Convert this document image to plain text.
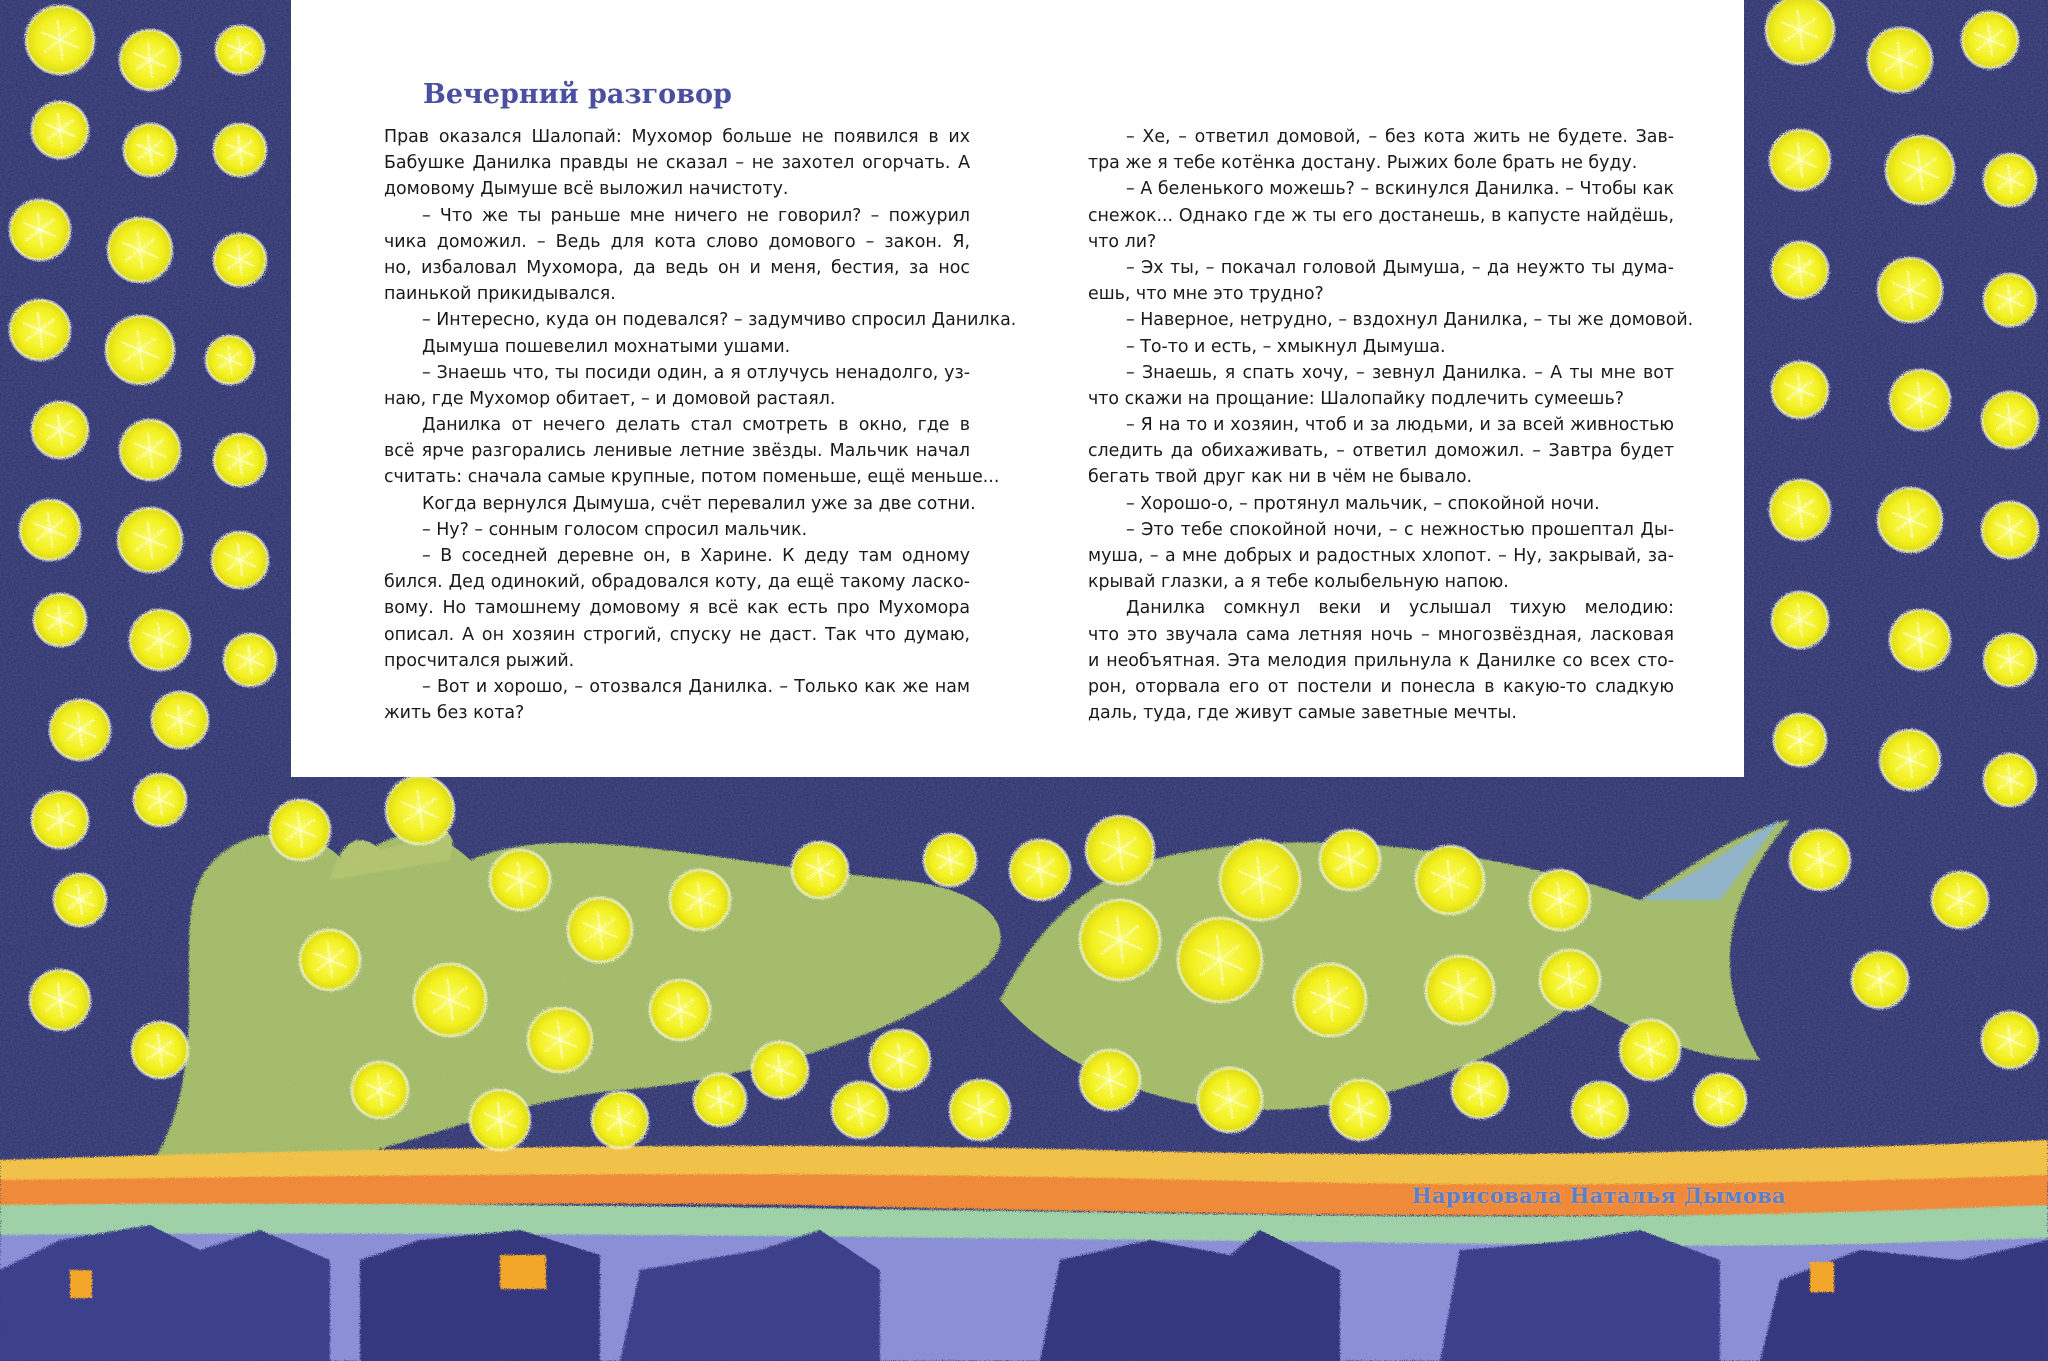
Вечерний разговор
Прав оказался Шалопай: Мухомор больше не появился в их
Бабушке Данилка правды не сказал – не захотел огорчать. А
домовому Дымуше всё выложил начистоту.
– Что же ты раньше мне ничего не говорил? – пожурил
чика доможил. – Ведь для кота слово домового – закон. Я,
но, избаловал Мухомора, да ведь он и меня, бестия, за нос
паинькой прикидывался.
– Интересно, куда он подевался? – задумчиво спросил Данилка.
Дымуша пошевелил мохнатыми ушами.
– Знаешь что, ты посиди один, а я отлучусь ненадолго, уз-
наю, где Мухомор обитает, – и домовой растаял.
Данилка от нечего делать стал смотреть в окно, где в
всё ярче разгорались ленивые летние звёзды. Мальчик начал
считать: сначала самые крупные, потом поменьше, ещё меньше...
Когда вернулся Дымуша, счёт перевалил уже за две сотни.
– Ну? – сонным голосом спросил мальчик.
– В соседней деревне он, в Харине. К деду там одному
бился. Дед одинокий, обрадовался коту, да ещё такому ласко-
вому. Но тамошнему домовому я всё как есть про Мухомора
описал. А он хозяин строгий, спуску не даст. Так что думаю,
просчитался рыжий.
– Вот и хорошо, – отозвался Данилка. – Только как же нам
жить без кота?
– Хе, – ответил домовой, – без кота жить не будете. Зав-
тра же я тебе котёнка достану. Рыжих боле брать не буду.
– А беленького можешь? – вскинулся Данилка. – Чтобы как
снежок... Однако где ж ты его достанешь, в капусте найдёшь,
что ли?
– Эх ты, – покачал головой Дымуша, – да неужто ты дума-
ешь, что мне это трудно?
– Наверное, нетрудно, – вздохнул Данилка, – ты же домовой.
– То-то и есть, – хмыкнул Дымуша.
– Знаешь, я спать хочу, – зевнул Данилка. – А ты мне вот
что скажи на прощание: Шалопайку подлечить сумеешь?
– Я на то и хозяин, чтоб и за людьми, и за всей живностью
следить да обихаживать, – ответил доможил. – Завтра будет
бегать твой друг как ни в чём не бывало.
– Хорошо-о, – протянул мальчик, – спокойной ночи.
– Это тебе спокойной ночи, – с нежностью прошептал Ды-
муша, – а мне добрых и радостных хлопот. – Ну, закрывай, за-
крывай глазки, а я тебе колыбельную напою.
Данилка сомкнул веки и услышал тихую мелодию:
что это звучала сама летняя ночь – многозвёздная, ласковая
и необъятная. Эта мелодия прильнула к Данилке со всех сто-
рон, оторвала его от постели и понесла в какую-то сладкую
даль, туда, где живут самые заветные мечты.
Нарисовала Наталья Дымова
